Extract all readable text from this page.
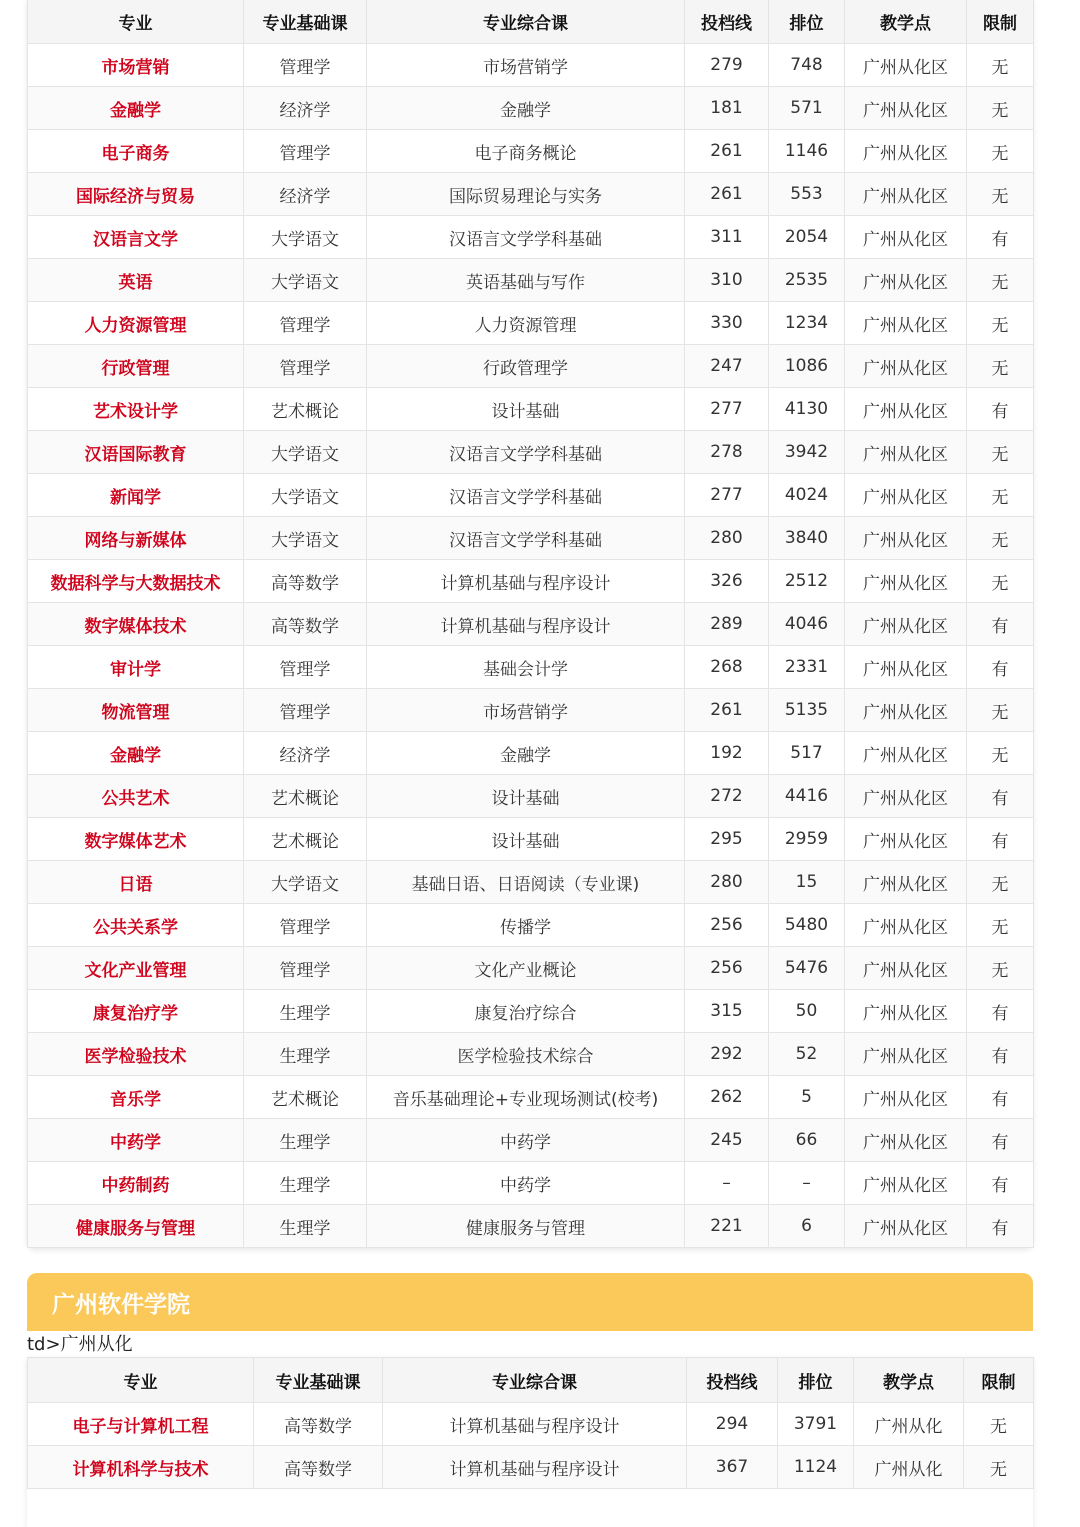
专业	专业基础课	专业综合课	投档线	排位	教学点	限制
市场营销	管理学	市场营销学	279	748	广州从化区	无
金融学	经济学	金融学	181	571	广州从化区	无
电子商务	管理学	电子商务概论	261	1146	广州从化区	无
国际经济与贸易	经济学	国际贸易理论与实务	261	553	广州从化区	无
汉语言文学	大学语文	汉语言文学学科基础	311	2054	广州从化区	有
英语	大学语文	英语基础与写作	310	2535	广州从化区	无
人力资源管理	管理学	人力资源管理	330	1234	广州从化区	无
行政管理	管理学	行政管理学	247	1086	广州从化区	无
艺术设计学	艺术概论	设计基础	277	4130	广州从化区	有
汉语国际教育	大学语文	汉语言文学学科基础	278	3942	广州从化区	无
新闻学	大学语文	汉语言文学学科基础	277	4024	广州从化区	无
网络与新媒体	大学语文	汉语言文学学科基础	280	3840	广州从化区	无
数据科学与大数据技术	高等数学	计算机基础与程序设计	326	2512	广州从化区	无
数字媒体技术	高等数学	计算机基础与程序设计	289	4046	广州从化区	有
审计学	管理学	基础会计学	268	2331	广州从化区	有
物流管理	管理学	市场营销学	261	5135	广州从化区	无
金融学	经济学	金融学	192	517	广州从化区	无
公共艺术	艺术概论	设计基础	272	4416	广州从化区	有
数字媒体艺术	艺术概论	设计基础	295	2959	广州从化区	有
日语	大学语文	基础日语、日语阅读（专业课)	280	15	广州从化区	无
公共关系学	管理学	传播学	256	5480	广州从化区	无
文化产业管理	管理学	文化产业概论	256	5476	广州从化区	无
康复治疗学	生理学	康复治疗综合	315	50	广州从化区	有
医学检验技术	生理学	医学检验技术综合	292	52	广州从化区	有
音乐学	艺术概论	音乐基础理论+专业现场测试(校考)	262	5	广州从化区	有
中药学	生理学	中药学	245	66	广州从化区	有
中药制药	生理学	中药学	–	–	广州从化区	有
健康服务与管理	生理学	健康服务与管理	221	6	广州从化区	有
广州软件学院
td>广州从化
专业	专业基础课	专业综合课	投档线	排位	教学点	限制
电子与计算机工程	高等数学	计算机基础与程序设计	294	3791	广州从化	无
计算机科学与技术	高等数学	计算机基础与程序设计	367	1124	广州从化	无
